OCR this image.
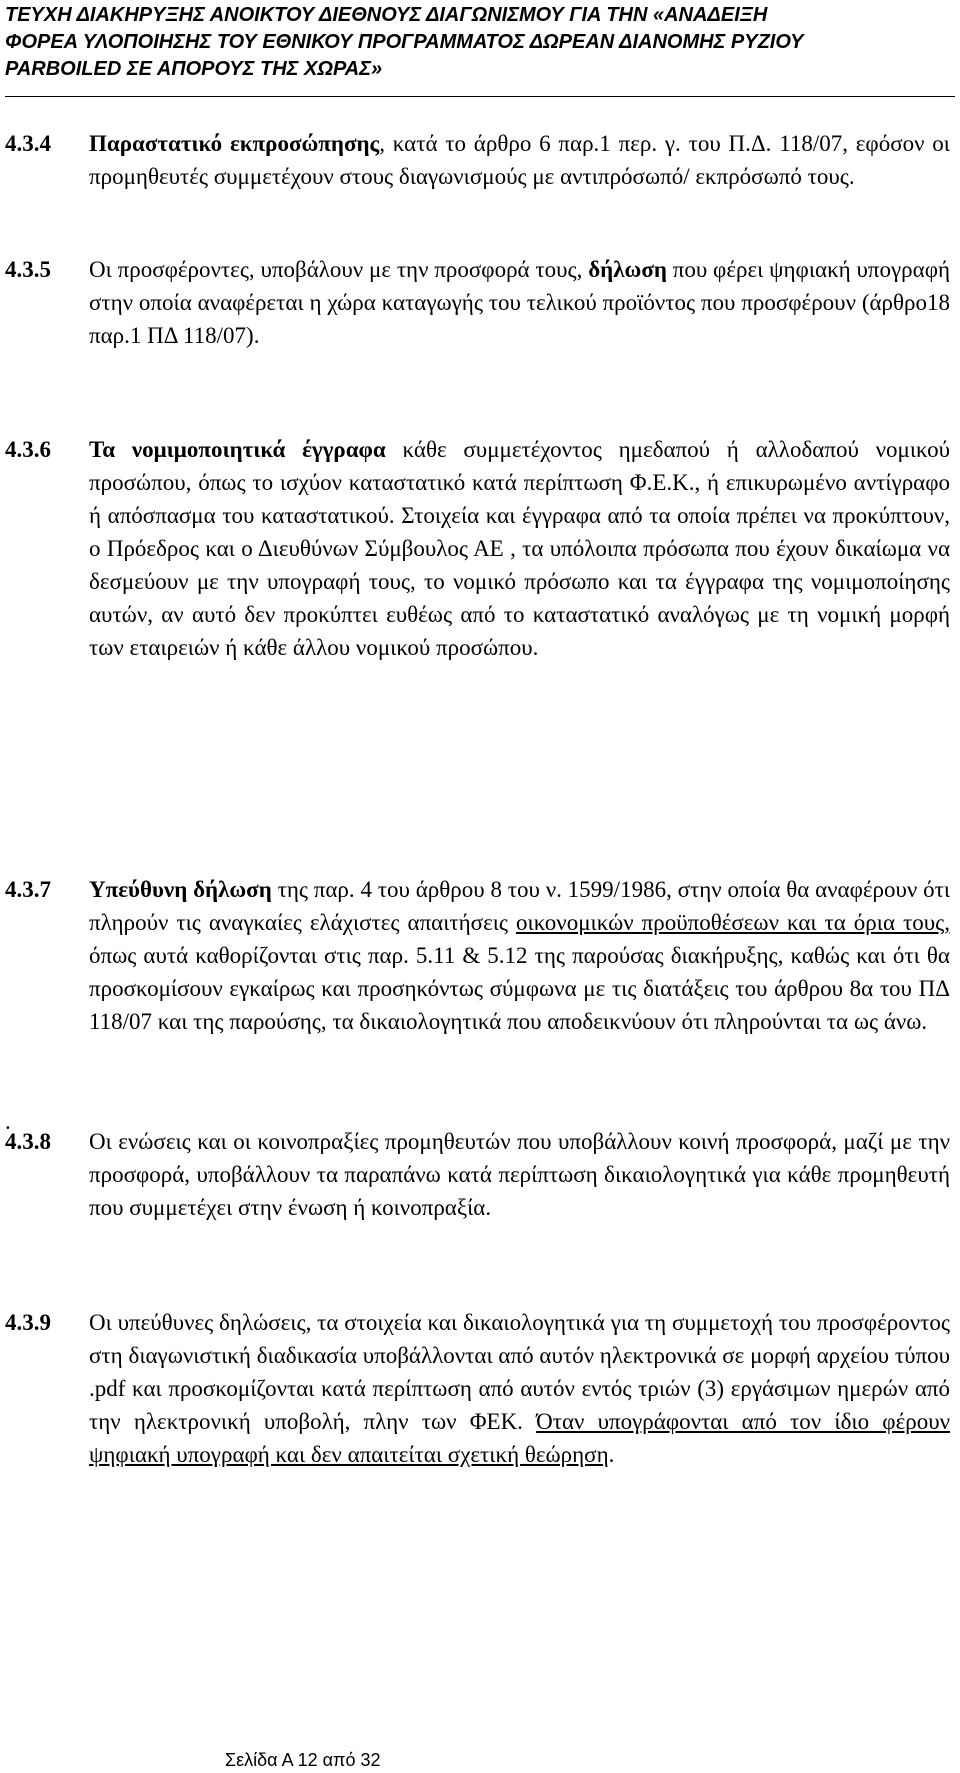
ΤΕΥΧΗ ΔΙΑΚΗΡΥΞΗΣ ΑΝΟΙΚΤΟΥ ΔΙΕΘΝΟΥΣ ΔΙΑΓΩΝΙΣΜΟΥ ΓΙΑ ΤΗΝ «ΑΝΑΔΕΙΞΗ
ΦΟΡΕΑ ΥΛΟΠΟΙΗΣΗΣ ΤΟΥ ΕΘΝΙΚΟΥ ΠΡΟΓΡΑΜΜΑΤΟΣ ΔΩΡΕΑΝ ΔΙΑΝΟΜΗΣ ΡΥΖΙΟΥ
PARBOILED ΣΕ ΑΠΟΡΟΥΣ ΤΗΣ ΧΩΡΑΣ»
4.3.4	Παραστατικό εκπροσώπησης, κατά το άρθρο 6 παρ.1 περ. γ. του Π.Δ. 118/07, εφόσον οι προμηθευτές συμμετέχουν στους διαγωνισμούς με αντιπρόσωπό/ εκπρόσωπό τους.
4.3.5	Οι προσφέροντες, υποβάλουν με την προσφορά τους, δήλωση που φέρει ψηφιακή υπογραφή στην οποία αναφέρεται η χώρα καταγωγής του τελικού προϊόντος που προσφέρουν (άρθρο18 παρ.1 ΠΔ 118/07).
4.3.6	Τα νομιμοποιητικά έγγραφα κάθε συμμετέχοντος ημεδαπού ή αλλοδαπού νομικού προσώπου, όπως το ισχύον καταστατικό κατά περίπτωση Φ.Ε.Κ., ή επικυρωμένο αντίγραφο ή απόσπασμα του καταστατικού. Στοιχεία και έγγραφα από τα οποία πρέπει να προκύπτουν, ο Πρόεδρος και ο Διευθύνων Σύμβουλος ΑΕ , τα υπόλοιπα πρόσωπα που έχουν δικαίωμα να δεσμεύουν με την υπογραφή τους, το νομικό πρόσωπο και τα έγγραφα της νομιμοποίησης αυτών, αν αυτό δεν προκύπτει ευθέως από το καταστατικό αναλόγως με τη νομική μορφή των εταιρειών ή κάθε άλλου νομικού προσώπου.
4.3.7	Υπεύθυνη δήλωση της παρ. 4 του άρθρου 8 του ν. 1599/1986, στην οποία θα αναφέρουν ότι πληρούν τις αναγκαίες ελάχιστες απαιτήσεις οικονομικών προϋποθέσεων και τα όρια τους, όπως αυτά καθορίζονται στις παρ. 5.11 & 5.12 της παρούσας διακήρυξης, καθώς και ότι θα προσκομίσουν εγκαίρως και προσηκόντως σύμφωνα με τις διατάξεις του άρθρου 8α του ΠΔ 118/07 και της παρούσης, τα δικαιολογητικά που αποδεικνύουν ότι πληρούνται τα ως άνω.
.
4.3.8	Οι ενώσεις και οι κοινοπραξίες προμηθευτών που υποβάλλουν κοινή προσφορά, μαζί με την προσφορά, υποβάλλουν τα παραπάνω κατά περίπτωση δικαιολογητικά για κάθε προμηθευτή που συμμετέχει στην ένωση ή κοινοπραξία.
4.3.9	Οι υπεύθυνες δηλώσεις, τα στοιχεία και δικαιολογητικά για τη συμμετοχή του προσφέροντος στη διαγωνιστική διαδικασία υποβάλλονται από αυτόν ηλεκτρονικά σε μορφή αρχείου τύπου .pdf και προσκομίζονται κατά περίπτωση από αυτόν εντός τριών (3) εργάσιμων ημερών από την ηλεκτρονική υποβολή, πλην των ΦΕΚ. Όταν υπογράφονται από τον ίδιο φέρουν ψηφιακή υπογραφή και δεν απαιτείται σχετική θεώρηση.
Σελίδα Α 12 από 32
